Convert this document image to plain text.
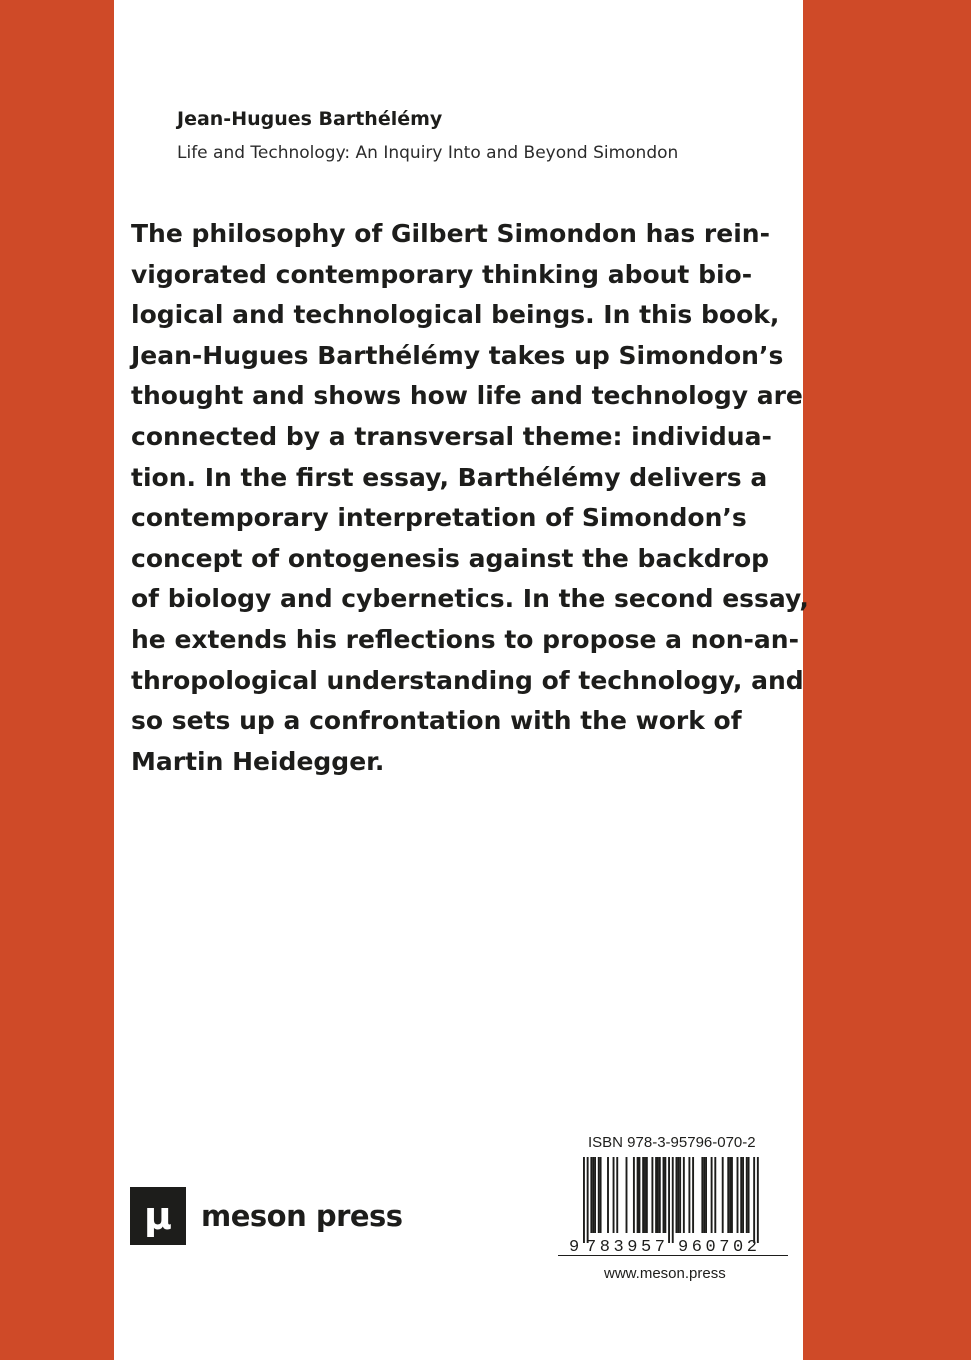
Jean-Hugues Barthélémy
Life and Technology: An Inquiry Into and Beyond Simondon
The philosophy of Gilbert Simondon has rein-
vigorated contemporary thinking about bio-
logical and technological beings. In this book,
Jean-Hugues Barthélémy takes up Simondon’s
thought and shows how life and technology are
connected by a transversal theme: individua-
tion. In the first essay, Barthélémy delivers a
contemporary interpretation of Simondon’s
concept of ontogenesis against the backdrop
of biology and cybernetics. In the second essay,
he extends his reflections to propose a non-an-
thropological understanding of technology, and
so sets up a confrontation with the work of
Martin Heidegger.
μ	meson press
ISBN 978-3-95796-070-2
9 783957 960702
www.meson.press
